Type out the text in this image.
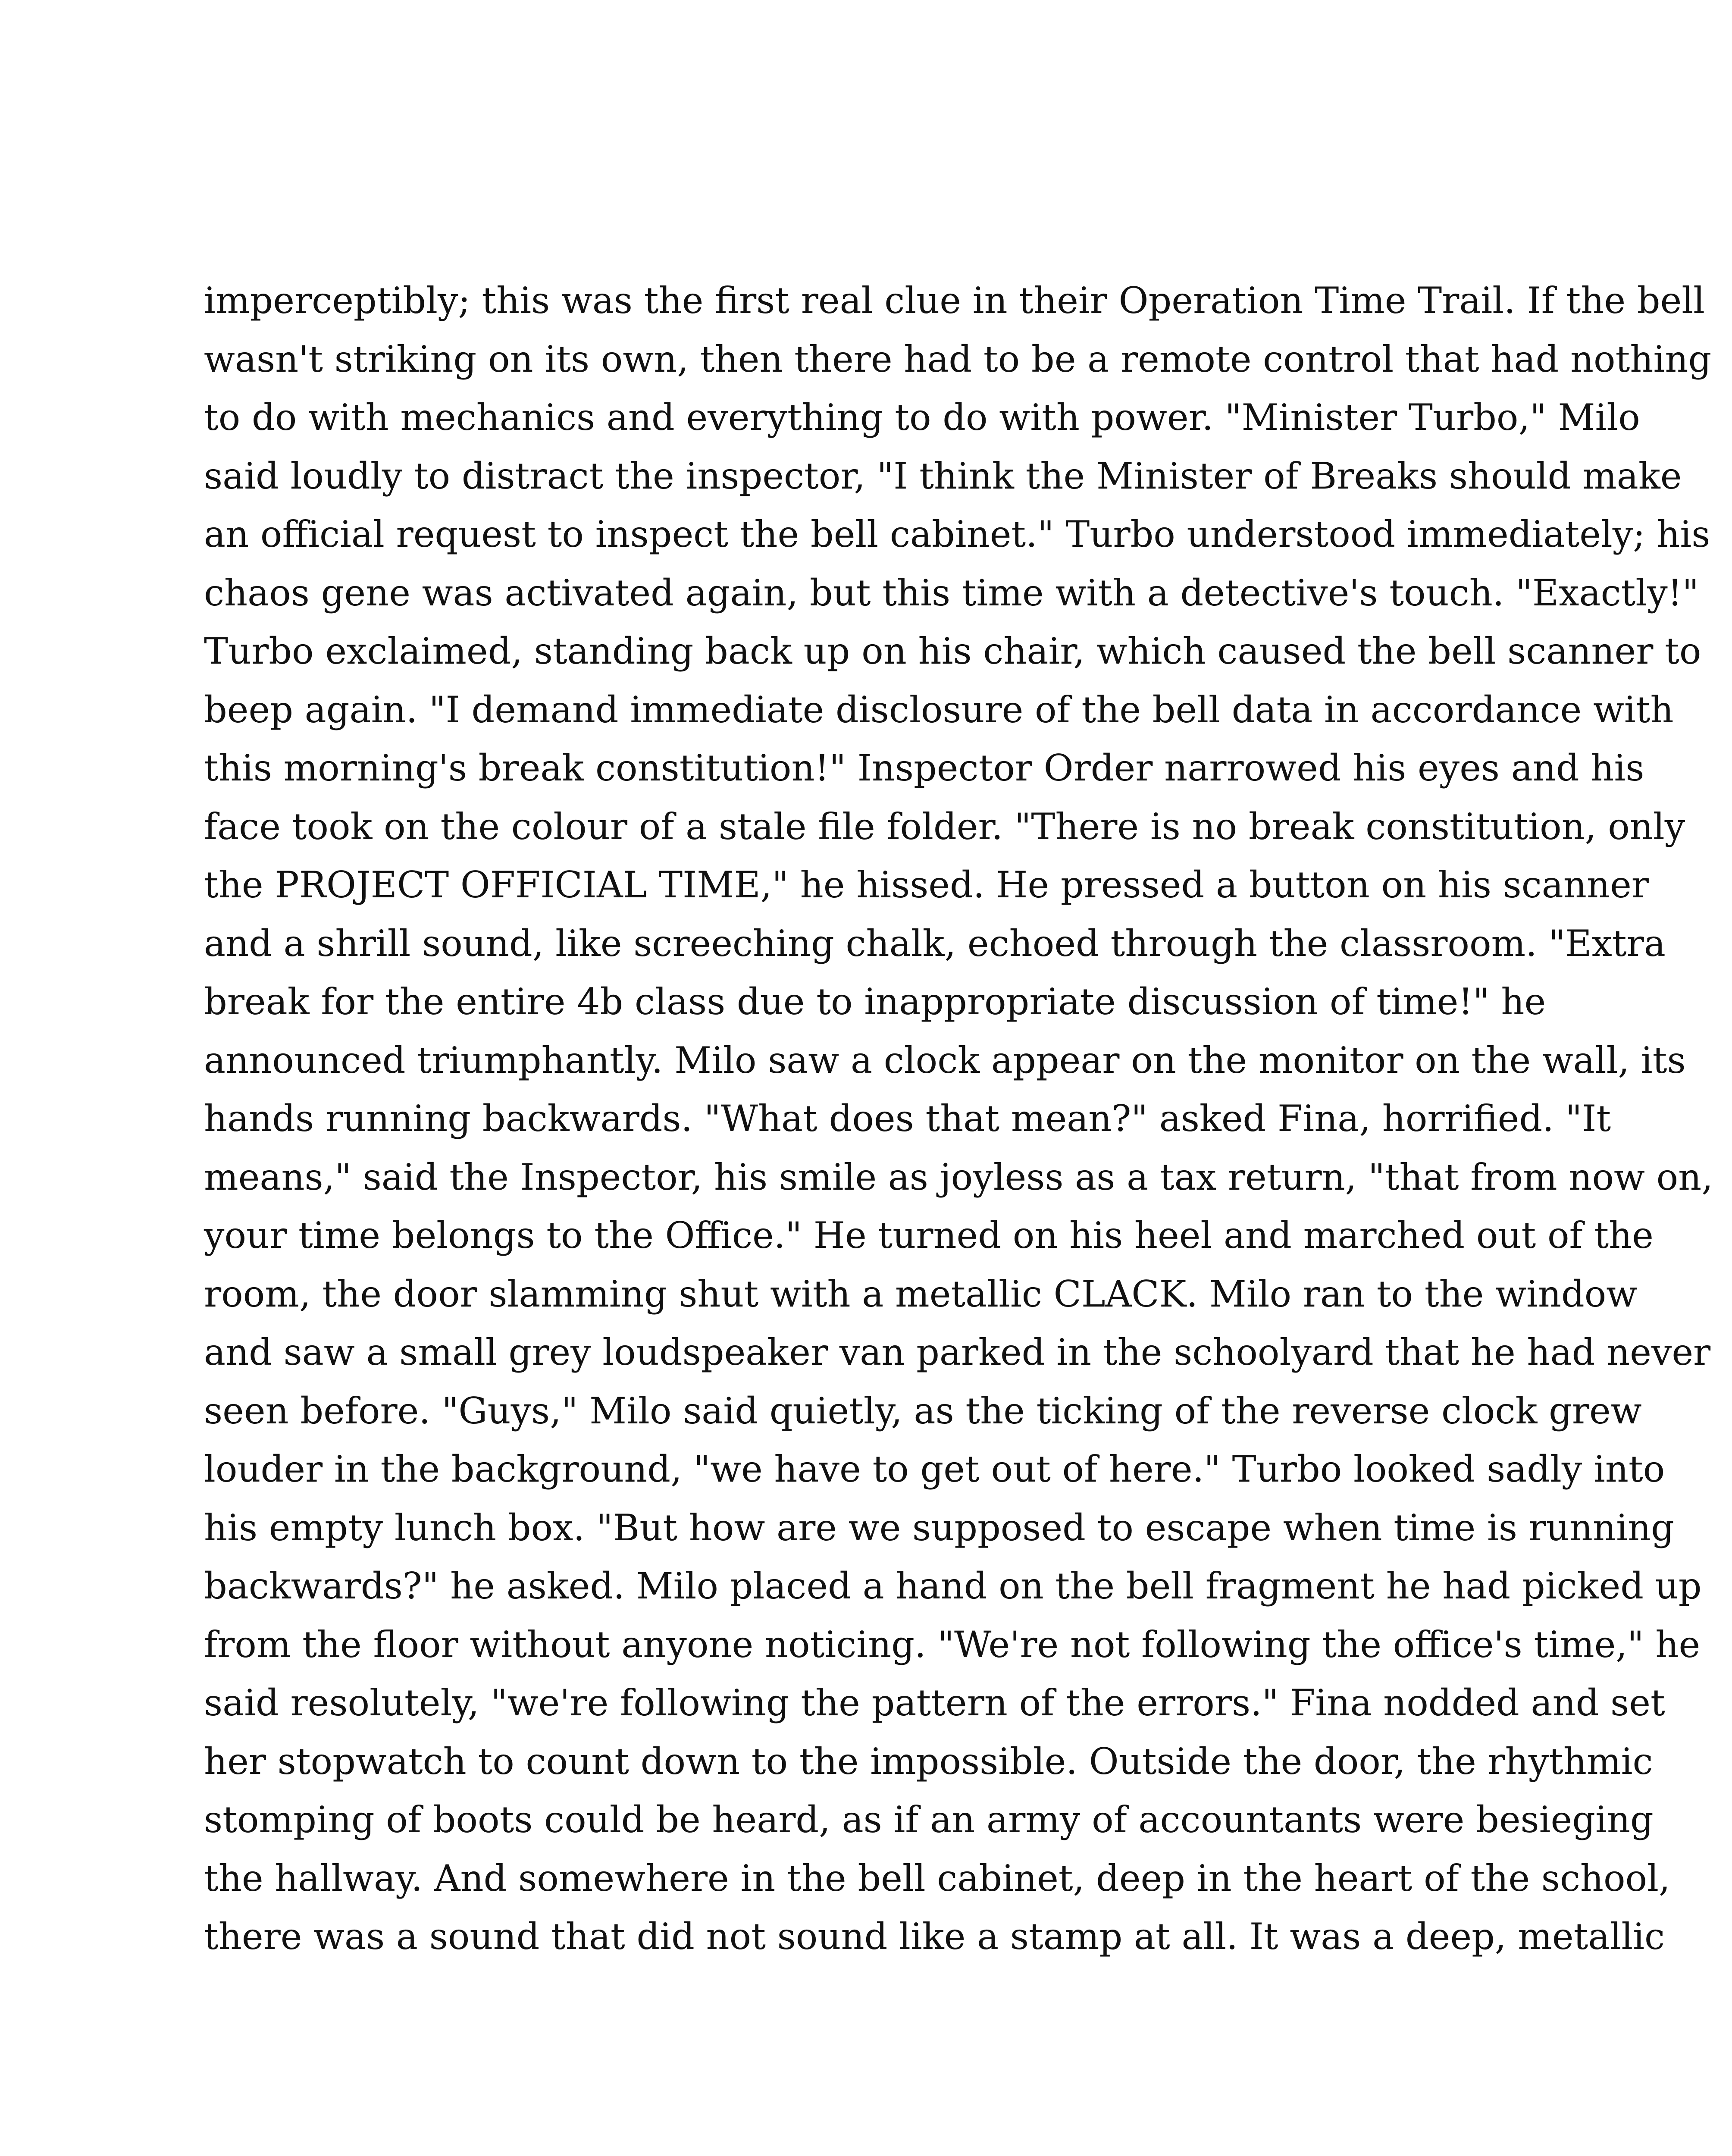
imperceptibly; this was the first real clue in their Operation Time Trail. If the bell
wasn't striking on its own, then there had to be a remote control that had nothing
to do with mechanics and everything to do with power. "Minister Turbo," Milo
said loudly to distract the inspector, "I think the Minister of Breaks should make
an official request to inspect the bell cabinet." Turbo understood immediately; his
chaos gene was activated again, but this time with a detective's touch. "Exactly!"
Turbo exclaimed, standing back up on his chair, which caused the bell scanner to
beep again. "I demand immediate disclosure of the bell data in accordance with
this morning's break constitution!" Inspector Order narrowed his eyes and his
face took on the colour of a stale file folder. "There is no break constitution, only
the PROJECT OFFICIAL TIME," he hissed. He pressed a button on his scanner
and a shrill sound, like screeching chalk, echoed through the classroom. "Extra
break for the entire 4b class due to inappropriate discussion of time!" he
announced triumphantly. Milo saw a clock appear on the monitor on the wall, its
hands running backwards. "What does that mean?" asked Fina, horrified. "It
means," said the Inspector, his smile as joyless as a tax return, "that from now on,
your time belongs to the Office." He turned on his heel and marched out of the
room, the door slamming shut with a metallic CLACK. Milo ran to the window
and saw a small grey loudspeaker van parked in the schoolyard that he had never
seen before. "Guys," Milo said quietly, as the ticking of the reverse clock grew
louder in the background, "we have to get out of here." Turbo looked sadly into
his empty lunch box. "But how are we supposed to escape when time is running
backwards?" he asked. Milo placed a hand on the bell fragment he had picked up
from the floor without anyone noticing. "We're not following the office's time," he
said resolutely, "we're following the pattern of the errors." Fina nodded and set
her stopwatch to count down to the impossible. Outside the door, the rhythmic
stomping of boots could be heard, as if an army of accountants were besieging
the hallway. And somewhere in the bell cabinet, deep in the heart of the school,
there was a sound that did not sound like a stamp at all. It was a deep, metallic
